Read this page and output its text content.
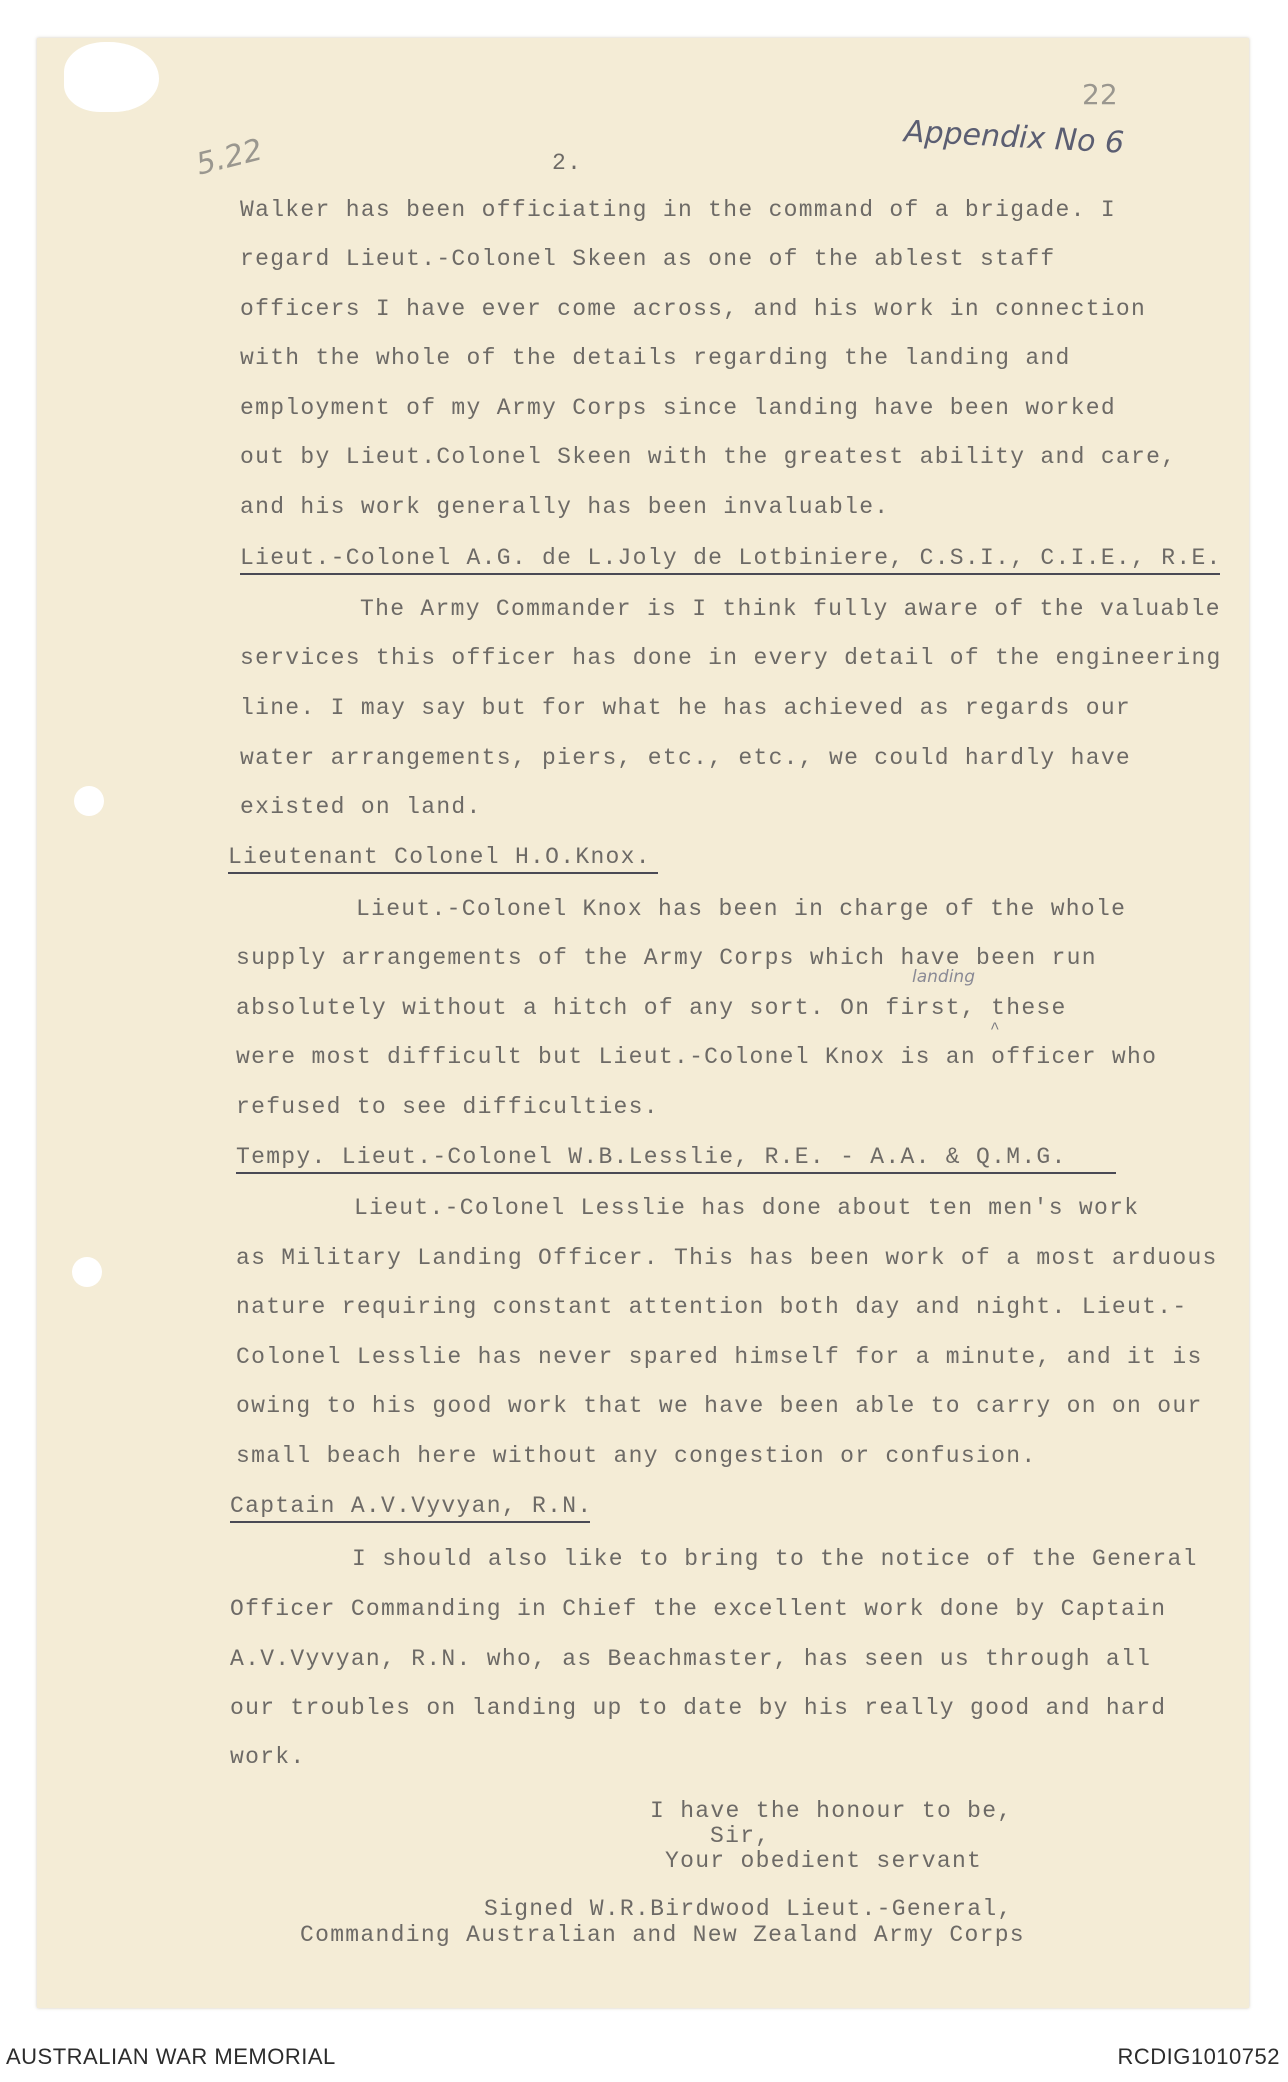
22
Appendix No 6
5.22	2.
Walker has been officiating in the command of a brigade. I
regard Lieut.-Colonel Skeen as one of the ablest staff
officers I have ever come across, and his work in connection
with the whole of the details regarding the landing and
employment of my Army Corps since landing have been worked
out by Lieut.Colonel Skeen with the greatest ability and care,
and his work generally has been invaluable.
Lieut.-Colonel A.G. de L.Joly de Lotbiniere, C.S.I., C.I.E., R.E.
The Army Commander is I think fully aware of the valuable
services this officer has done in every detail of the engineering
line. I may say but for what he has achieved as regards our
water arrangements, piers, etc., etc., we could hardly have
existed on land.
Lieutenant Colonel H.O.Knox.
Lieut.-Colonel Knox has been in charge of the whole
supply arrangements of the Army Corps which have been run
landing
absolutely without a hitch of any sort. On first, these
^
were most difficult but Lieut.-Colonel Knox is an officer who
refused to see difficulties.
Tempy. Lieut.-Colonel W.B.Lesslie, R.E. - A.A. & Q.M.G.
Lieut.-Colonel Lesslie has done about ten men's work
as Military Landing Officer. This has been work of a most arduous
nature requiring constant attention both day and night. Lieut.-
Colonel Lesslie has never spared himself for a minute, and it is
owing to his good work that we have been able to carry on on our
small beach here without any congestion or confusion.
Captain A.V.Vyvyan, R.N.
I should also like to bring to the notice of the General
Officer Commanding in Chief the excellent work done by Captain
A.V.Vyvyan, R.N. who, as Beachmaster, has seen us through all
our troubles on landing up to date by his really good and hard
work.
I have the honour to be,
Sir,
Your obedient servant
Signed W.R.Birdwood Lieut.-General,
Commanding Australian and New Zealand Army Corps
AUSTRALIAN WAR MEMORIAL	RCDIG1010752
